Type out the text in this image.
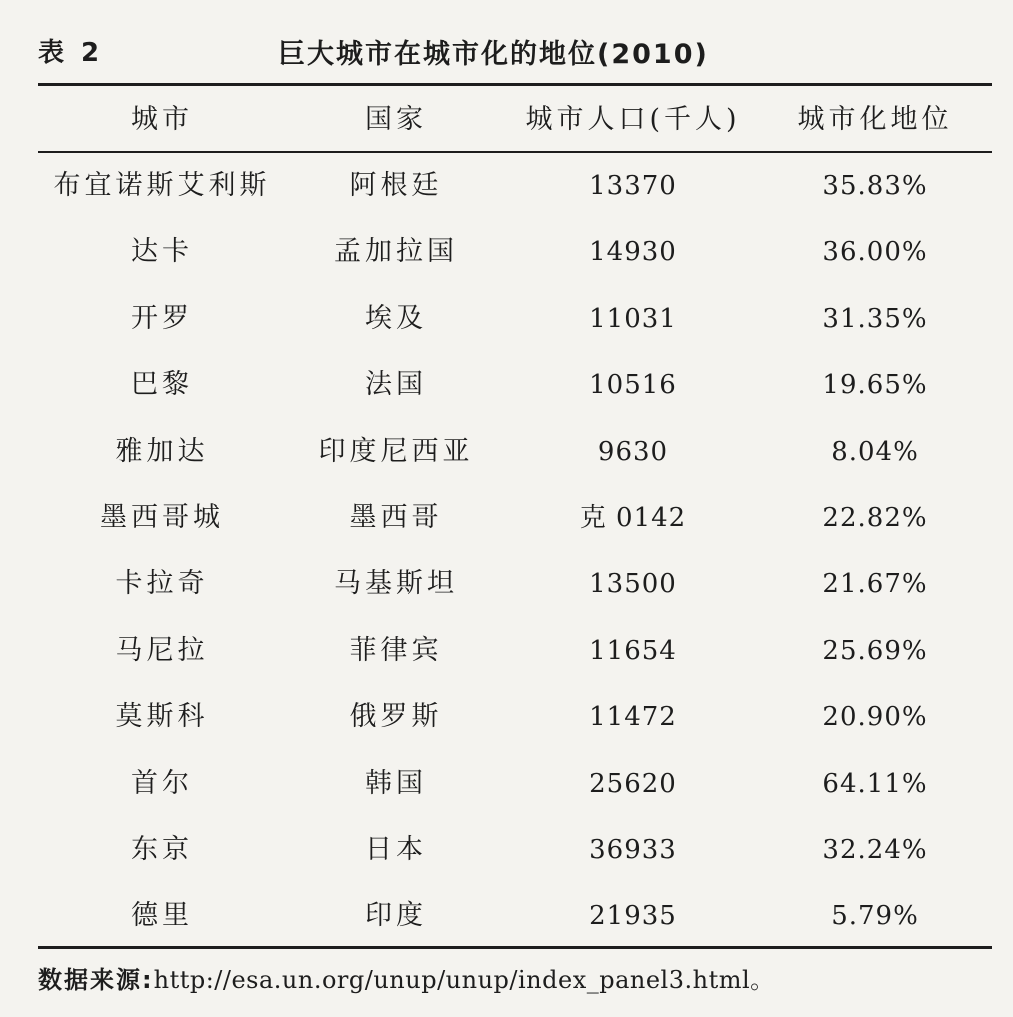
表 2	巨大城市在城市化的地位(2010)
城市	国家	城市人口(千人)	城市化地位
布宜诺斯艾利斯	阿根廷	13370	35.83%
达卡	孟加拉国	14930	36.00%
开罗	埃及	11031	31.35%
巴黎	法国	10516	19.65%
雅加达	印度尼西亚	9630	8.04%
墨西哥城	墨西哥	克 0142	22.82%
卡拉奇	马基斯坦	13500	21.67%
马尼拉	菲律宾	11654	25.69%
莫斯科	俄罗斯	11472	20.90%
首尔	韩国	25620	64.11%
东京	日本	36933	32.24%
德里	印度	21935	5.79%
数据来源:http://esa.un.org/unup/unup/index_panel3.html。
